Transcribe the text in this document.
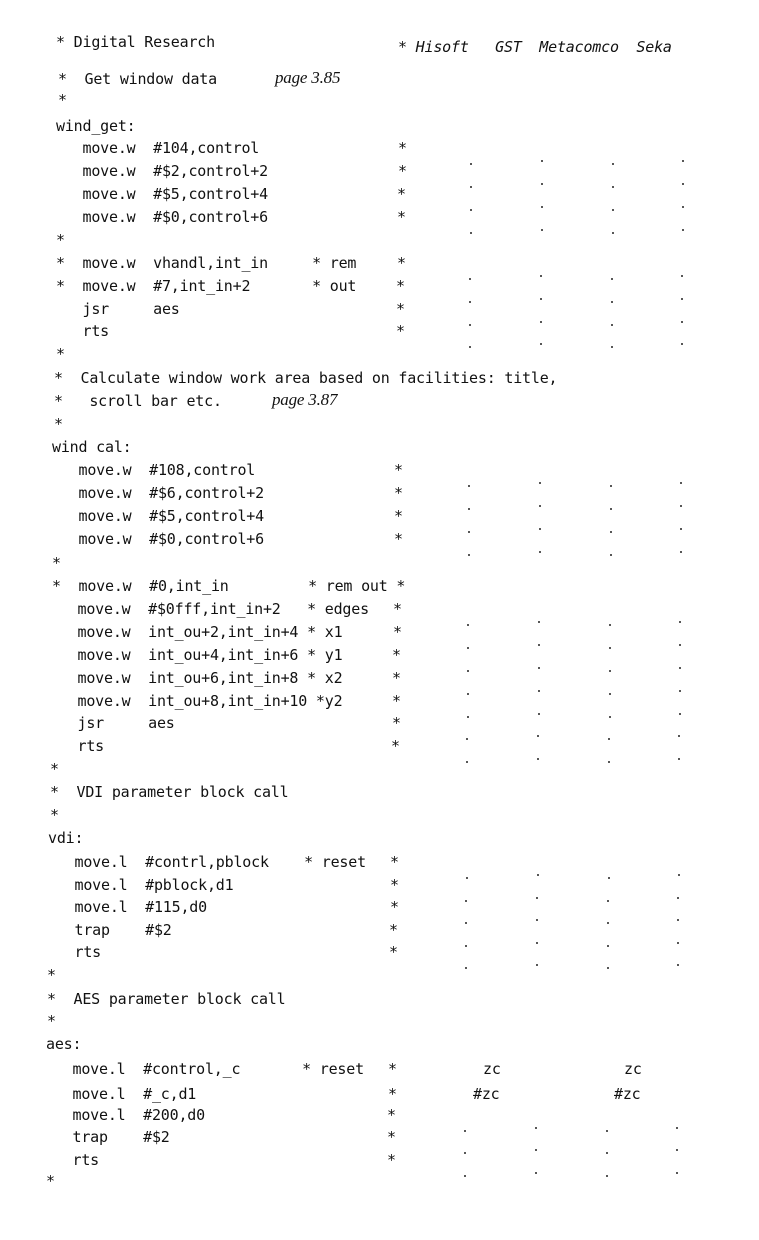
* Digital Research	* Hisoft   GST  Metacomco  Seka
*  Get window data	page 3.85
*
wind_get:
move.w  #104,control	*
move.w  #$2,control+2	*
move.w  #$5,control+4	*
move.w  #$0,control+6	*
*
*  move.w  vhandl,int_in     * rem	*
*  move.w  #7,int_in+2       * out	*
jsr     aes	*
rts	*
*
*  Calculate window work area based on facilities: title,
*   scroll bar etc.	page 3.87
*
wind cal:
move.w  #108,control	*
move.w  #$6,control+2	*
move.w  #$5,control+4	*
move.w  #$0,control+6	*
*
*  move.w  #0,int_in         * rem out *
move.w  #$0fff,int_in+2   * edges *
move.w  int_ou+2,int_in+4 * x1	*
move.w  int_ou+4,int_in+6 * y1	*
move.w  int_ou+6,int_in+8 * x2	*
move.w  int_ou+8,int_in+10 *y2	*
jsr     aes	*
rts	*
*
*  VDI parameter block call
*
vdi:
move.l  #contrl,pblock    * reset *
move.l  #pblock,d1	*
move.l  #115,d0	*
trap    #$2	*
rts	*
*
*  AES parameter block call
*
aes:
move.l  #control,_c       * reset *	zc	zc
move.l  #_c,d1	*	#zc	#zc
move.l  #200,d0	*
trap    #$2	*
rts	*
*
